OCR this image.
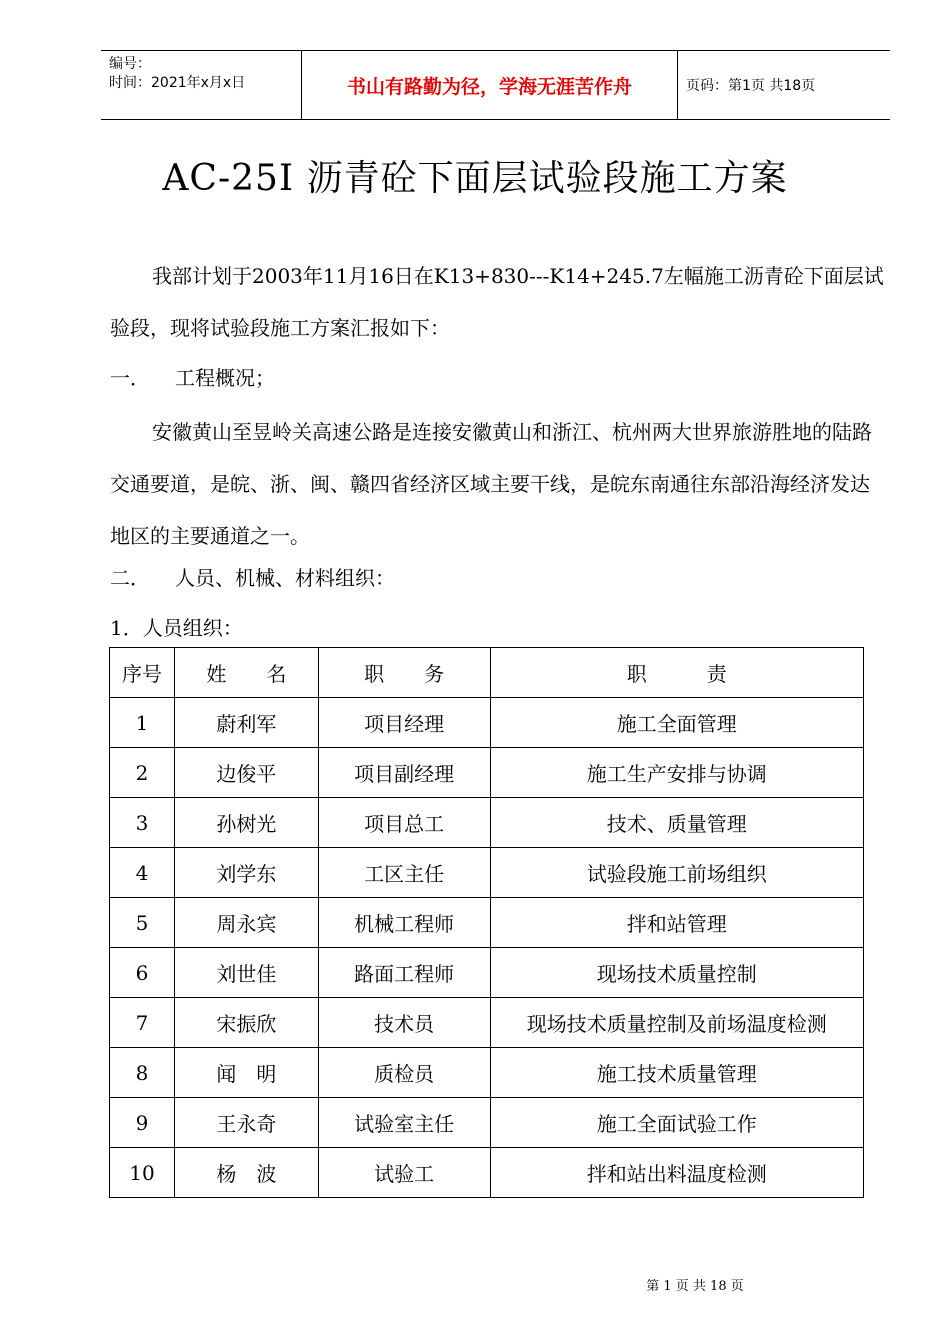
编号：
时间：2021年x月x日	书山有路勤为径，学海无涯苦作舟	页码：第1页 共18页
AC-25Ⅰ 沥青砼下面层试验段施工方案
我部计划于2003年11月16日在K13+830---K14+245.7左幅施工沥青砼下面层试验段，现将试验段施工方案汇报如下：
一． 工程概况；
安徽黄山至昱岭关高速公路是连接安徽黄山和浙江、杭州两大世界旅游胜地的陆路交通要道，是皖、浙、闽、赣四省经济区域主要干线，是皖东南通往东部沿海经济发达地区的主要通道之一。
二． 人员、机械、材料组织：
1．人员组织：
序号	姓　　名	职　　务	职　　　责
1	蔚利军	项目经理	施工全面管理
2	边俊平	项目副经理	施工生产安排与协调
3	孙树光	项目总工	技术、质量管理
4	刘学东	工区主任	试验段施工前场组织
5	周永宾	机械工程师	拌和站管理
6	刘世佳	路面工程师	现场技术质量控制
7	宋振欣	技术员	现场技术质量控制及前场温度检测
8	闻　明	质检员	施工技术质量管理
9	王永奇	试验室主任	施工全面试验工作
10	杨　波	试验工	拌和站出料温度检测
第 1 页 共 18 页
